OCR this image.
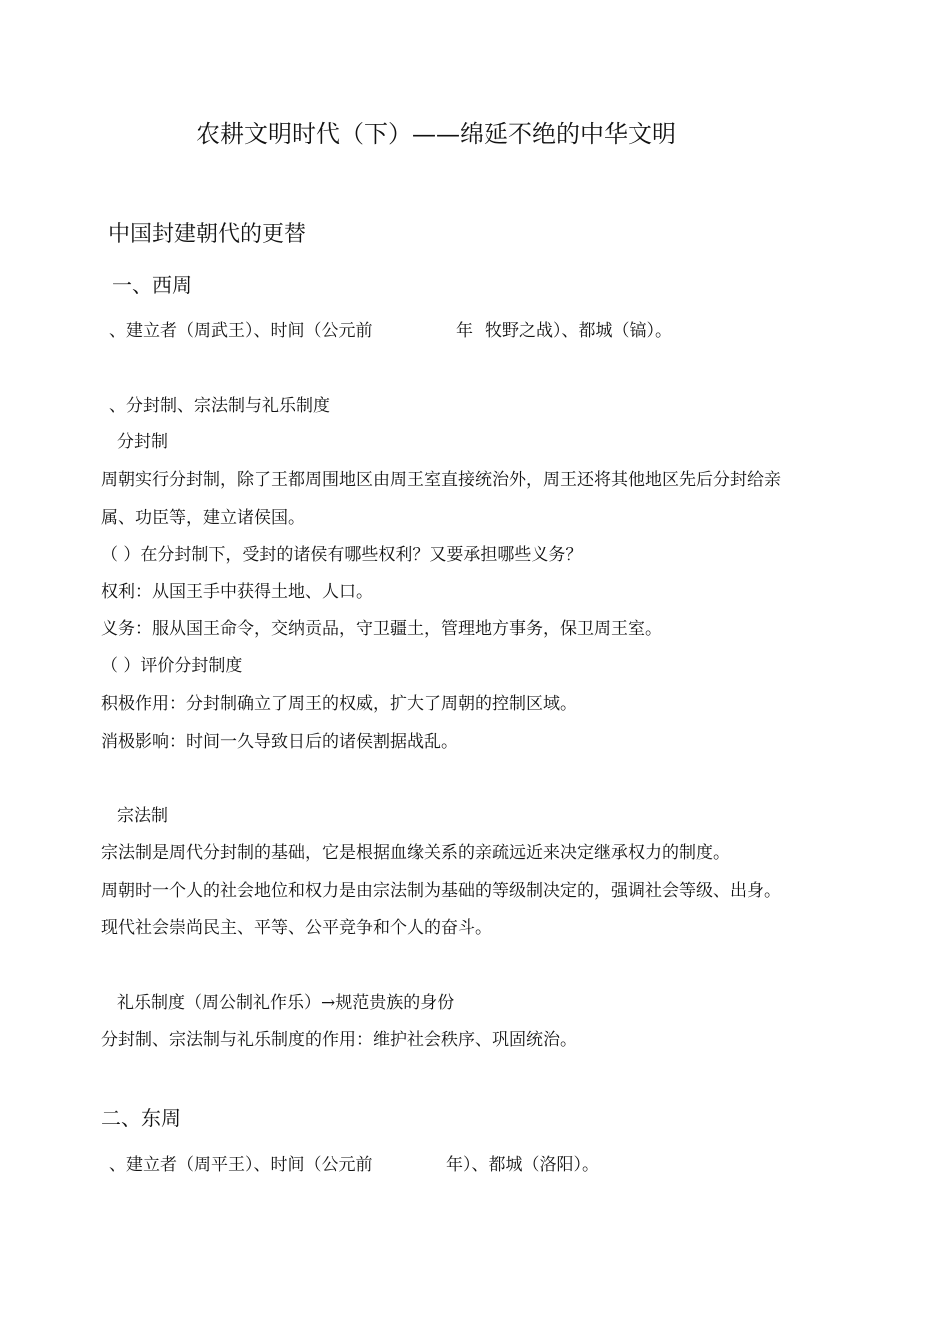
农耕文明时代（下）——绵延不绝的中华文明
中国封建朝代的更替
一、西周
、建立者（周武王）、时间（公元前	年 牧野之战）、都城（镐）。
、分封制、宗法制与礼乐制度
分封制
周朝实行分封制，除了王都周围地区由周王室直接统治外，周王还将其他地区先后分封给亲
属、功臣等，建立诸侯国。
（ ）在分封制下，受封的诸侯有哪些权利？又要承担哪些义务？
权利：从国王手中获得土地、人口。
义务：服从国王命令，交纳贡品，守卫疆土，管理地方事务，保卫周王室。
（ ）评价分封制度
积极作用：分封制确立了周王的权威，扩大了周朝的控制区域。
消极影响：时间一久导致日后的诸侯割据战乱。
宗法制
宗法制是周代分封制的基础，它是根据血缘关系的亲疏远近来决定继承权力的制度。
周朝时一个人的社会地位和权力是由宗法制为基础的等级制决定的，强调社会等级、出身。
现代社会崇尚民主、平等、公平竞争和个人的奋斗。
礼乐制度（周公制礼作乐）→规范贵族的身份
分封制、宗法制与礼乐制度的作用：维护社会秩序、巩固统治。
二、东周
、建立者（周平王）、时间（公元前	年）、都城（洛阳）。
